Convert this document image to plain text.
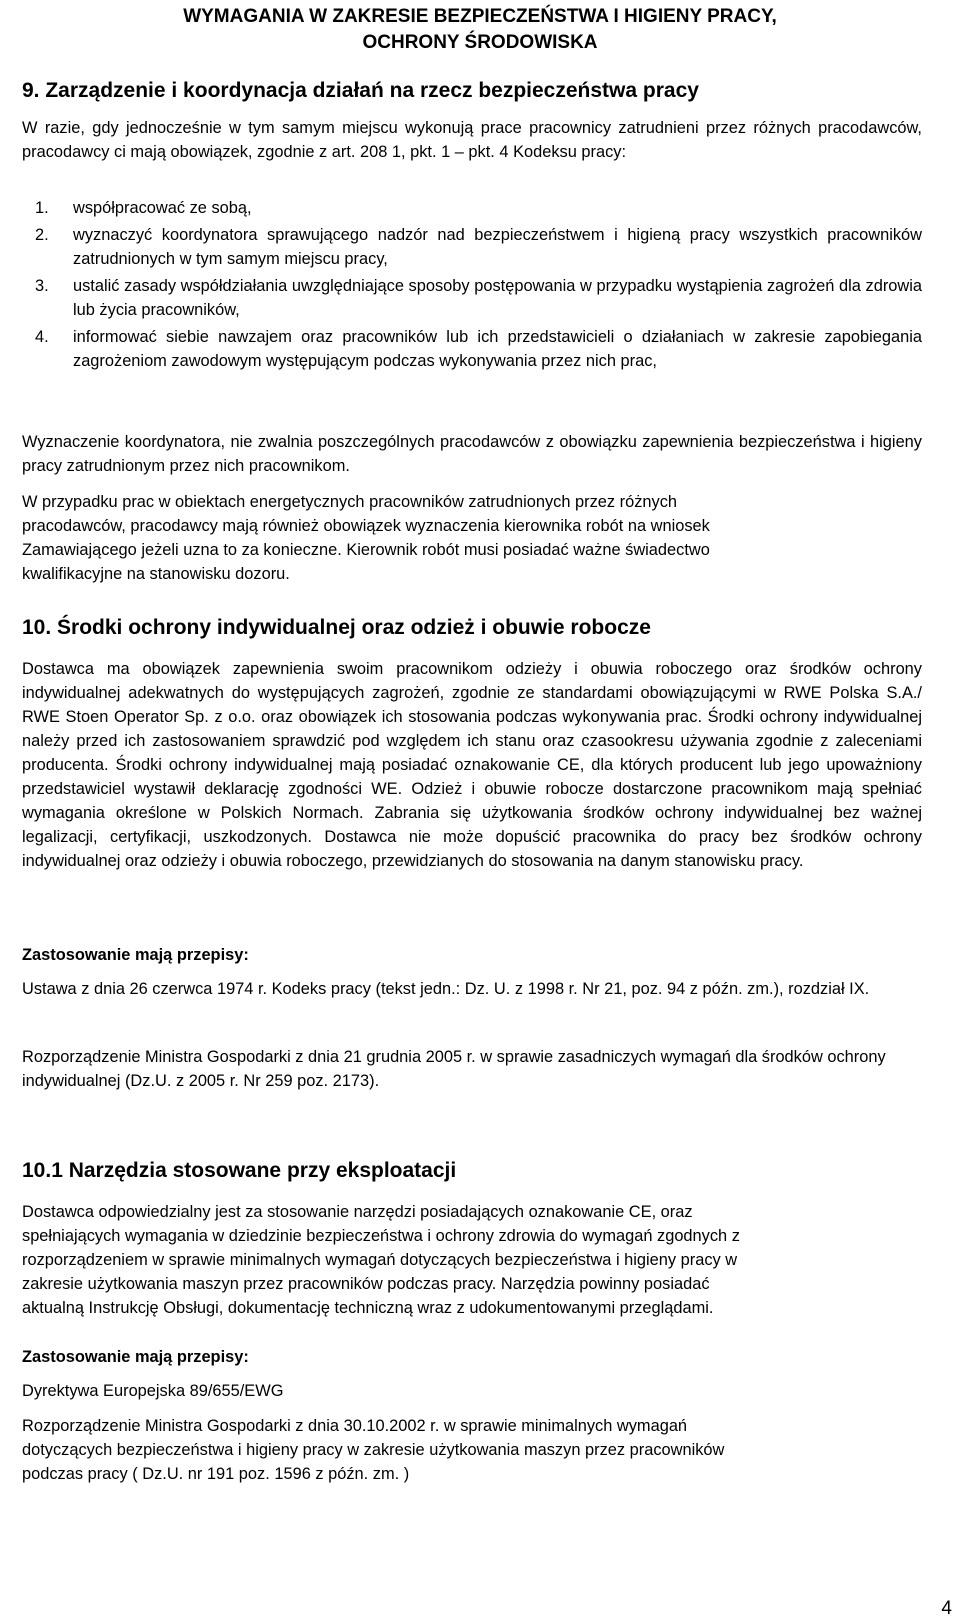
WYMAGANIA W ZAKRESIE BEZPIECZEŃSTWA I HIGIENY PRACY,
OCHRONY ŚRODOWISKA
9. Zarządzenie i koordynacja działań na rzecz bezpieczeństwa pracy

W razie, gdy jednocześnie w tym samym miejscu wykonują prace pracownicy zatrudnieni przez różnych pracodawców, pracodawcy ci mają obowiązek, zgodnie z art. 208 1, pkt. 1 – pkt. 4 Kodeksu pracy:

1. współpracować ze sobą,
2. wyznaczyć koordynatora sprawującego nadzór nad bezpieczeństwem i higieną pracy wszystkich pracowników zatrudnionych w tym samym miejscu pracy,
3. ustalić zasady współdziałania uwzględniające sposoby postępowania w przypadku wystąpienia zagrożeń dla zdrowia lub życia pracowników,
4. informować siebie nawzajem oraz pracowników lub ich przedstawicieli o działaniach w zakresie zapobiegania zagrożeniom zawodowym występującym podczas wykonywania przez nich prac,

Wyznaczenie koordynatora, nie zwalnia poszczególnych pracodawców z obowiązku zapewnienia bezpieczeństwa i higieny pracy zatrudnionym przez nich pracownikom.

W przypadku prac w obiektach energetycznych pracowników zatrudnionych przez różnych
pracodawców, pracodawcy mają również obowiązek wyznaczenia kierownika robót na wniosek
Zamawiającego jeżeli uzna to za konieczne. Kierownik robót musi posiadać ważne świadectwo
kwalifikacyjne na stanowisku dozoru.
10. Środki ochrony indywidualnej oraz odzież i obuwie robocze

Dostawca ma obowiązek zapewnienia swoim pracownikom odzieży i obuwia roboczego oraz środków ochrony indywidualnej adekwatnych do występujących zagrożeń, zgodnie ze standardami obowiązującymi w RWE Polska S.A./ RWE Stoen Operator Sp. z o.o. oraz obowiązek ich stosowania podczas wykonywania prac. Środki ochrony indywidualnej należy przed ich zastosowaniem sprawdzić pod względem ich stanu oraz czasookresu używania zgodnie z zaleceniami producenta. Środki ochrony indywidualnej mają posiadać oznakowanie CE, dla których producent lub jego upoważniony przedstawiciel wystawił deklarację zgodności WE. Odzież i obuwie robocze dostarczone pracownikom mają spełniać wymagania określone w Polskich Normach. Zabrania się użytkowania środków ochrony indywidualnej bez ważnej legalizacji, certyfikacji, uszkodzonych. Dostawca nie może dopuścić pracownika do pracy bez środków ochrony indywidualnej oraz odzieży i obuwia roboczego, przewidzianych do stosowania na danym stanowisku pracy.

Zastosowanie mają przepisy:

Ustawa z dnia 26 czerwca 1974 r. Kodeks pracy (tekst jedn.: Dz. U. z 1998 r. Nr 21, poz. 94 z późn. zm.), rozdział IX.

Rozporządzenie Ministra Gospodarki z dnia 21 grudnia 2005 r. w sprawie zasadniczych wymagań dla środków ochrony indywidualnej (Dz.U. z 2005 r. Nr 259 poz. 2173).

10.1 Narzędzia stosowane przy eksploatacji
Dostawca odpowiedzialny jest za stosowanie narzędzi posiadających oznakowanie CE, oraz
spełniających wymagania w dziedzinie bezpieczeństwa i ochrony zdrowia do wymagań zgodnych z
rozporządzeniem w sprawie minimalnych wymagań dotyczących bezpieczeństwa i higieny pracy w
zakresie użytkowania maszyn przez pracowników podczas pracy. Narzędzia powinny posiadać
aktualną Instrukcję Obsługi, dokumentację techniczną wraz z udokumentowanymi przeglądami.
Zastosowanie mają przepisy:
Dyrektywa Europejska 89/655/EWG
Rozporządzenie Ministra Gospodarki z dnia 30.10.2002 r. w sprawie minimalnych wymagań
dotyczących bezpieczeństwa i higieny pracy w zakresie użytkowania maszyn przez pracowników
podczas pracy ( Dz.U. nr 191 poz. 1596 z późn. zm. )
4
